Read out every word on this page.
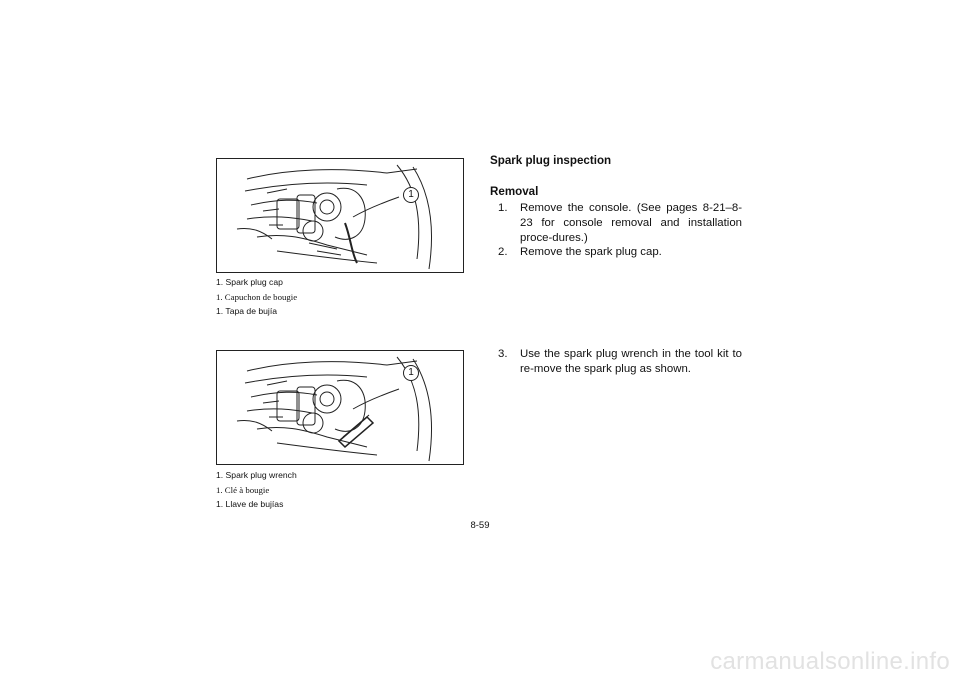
1

1. Spark plug cap

1. Capuchon de bougie

1. Tapa de bujía

1

1. Spark plug wrench

1. Clé à bougie

1. Llave de bujías

Spark plug inspection

Removal

1. Remove the console. (See pages 8-21–8-23 for console removal and installation proce-dures.)
2. Remove the spark plug cap.
3. Use the spark plug wrench in the tool kit to re-move the spark plug as shown.
8-59
carmanualsonline.info
